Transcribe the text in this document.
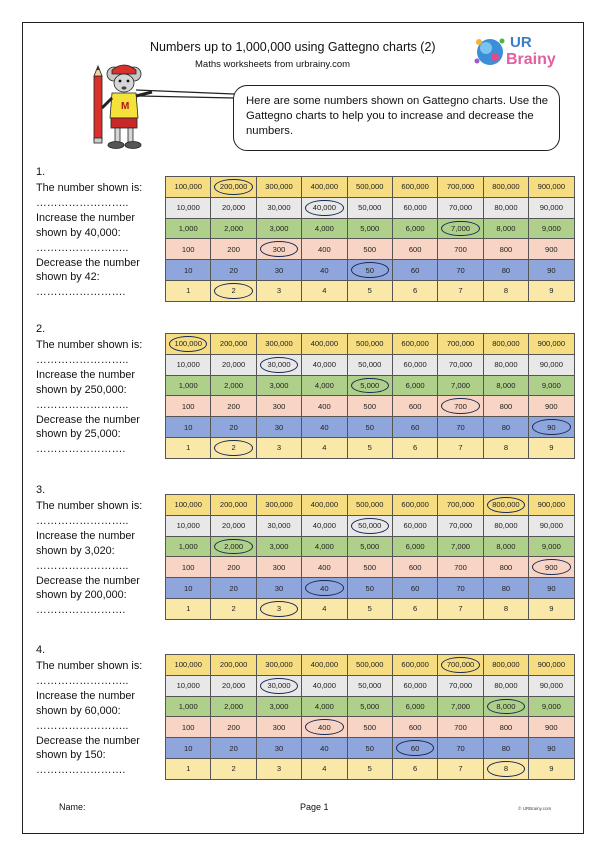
Numbers up to 1,000,000 using Gattegno charts (2)
Maths worksheets from urbrainy.com
UR
Brainy
M	Here are some numbers shown on Gattegno charts. Use the Gattegno charts to help you to increase and decrease the numbers.
1.
The number shown is:
……………………..
Increase the number
shown by 40,000:
……………………..
Decrease the number
shown by 42:
…………………….
100,000	200,000	300,000	400,000	500,000	600,000	700,000	800,000	900,000
10,000	20,000	30,000	40,000	50,000	60,000	70,000	80,000	90,000
1,000	2,000	3,000	4,000	5,000	6,000	7,000	8,000	9,000
100	200	300	400	500	600	700	800	900
10	20	30	40	50	60	70	80	90
1	2	3	4	5	6	7	8	9
2.
The number shown is:
……………………..
Increase the number
shown by 250,000:
……………………..
Decrease the number
shown by 25,000:
…………………….
100,000	200,000	300,000	400,000	500,000	600,000	700,000	800,000	900,000
10,000	20,000	30,000	40,000	50,000	60,000	70,000	80,000	90,000
1,000	2,000	3,000	4,000	5,000	6,000	7,000	8,000	9,000
100	200	300	400	500	600	700	800	900
10	20	30	40	50	60	70	80	90
1	2	3	4	5	6	7	8	9
3.
The number shown is:
……………………..
Increase the number
shown by 3,020:
……………………..
Decrease the number
shown by 200,000:
…………………….
100,000	200,000	300,000	400,000	500,000	600,000	700,000	800,000	900,000
10,000	20,000	30,000	40,000	50,000	60,000	70,000	80,000	90,000
1,000	2,000	3,000	4,000	5,000	6,000	7,000	8,000	9,000
100	200	300	400	500	600	700	800	900
10	20	30	40	50	60	70	80	90
1	2	3	4	5	6	7	8	9
4.
The number shown is:
……………………..
Increase the number
shown by 60,000:
……………………..
Decrease the number
shown by 150:
…………………….
100,000	200,000	300,000	400,000	500,000	600,000	700,000	800,000	900,000
10,000	20,000	30,000	40,000	50,000	60,000	70,000	80,000	90,000
1,000	2,000	3,000	4,000	5,000	6,000	7,000	8,000	9,000
100	200	300	400	500	600	700	800	900
10	20	30	40	50	60	70	80	90
1	2	3	4	5	6	7	8	9
Name:	Page 1	© URBrainy.com
